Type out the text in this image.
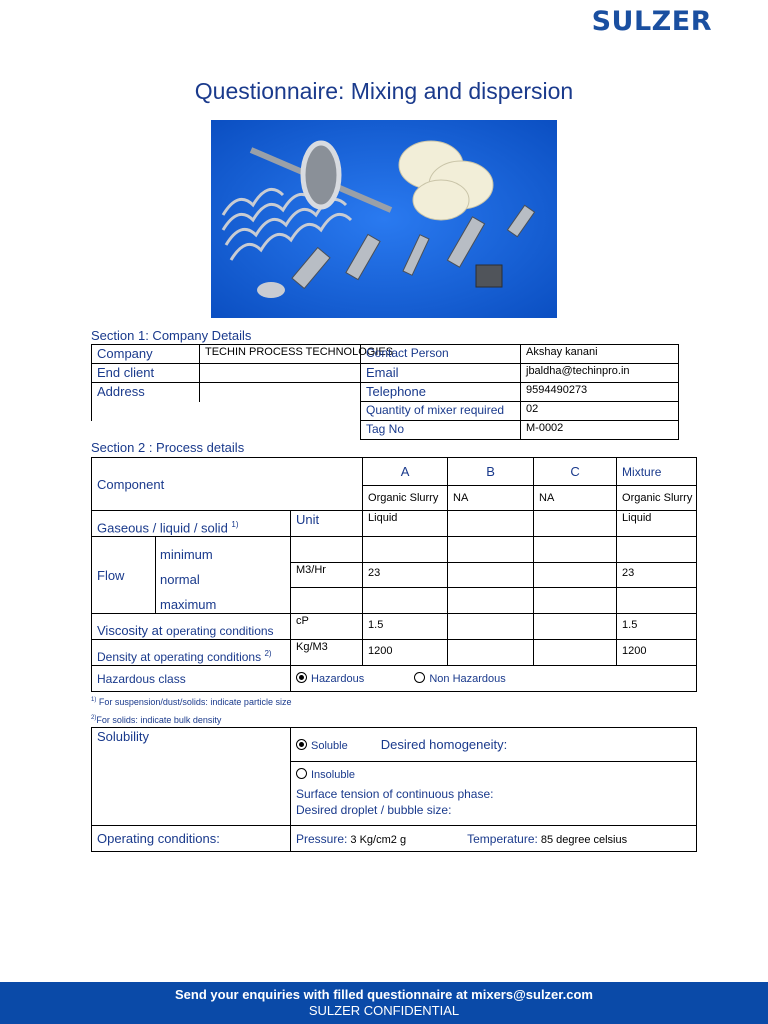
SULZER
Questionnaire: Mixing and dispersion
Section 1: Company Details
Company	TECHIN PROCESS TECHNOLOGIES	Contact Person	Akshay kanani
End client		Email	jbaldha@techinpro.in
Address		Telephone	9594490273
		Quantity of mixer required	02
		Tag No	M-0002
Section 2 : Process details
Component			A	B	C	Mixture
			Organic Slurry	NA	NA	Organic Slurry
Gaseous / liquid / solid $^{1)}$		Unit	Liquid			Liquid
Flow	minimum					
	normal	M3/Hr	23			23
	maximum					
Viscosity at operating conditions		cP	1.5			1.5
Density at operating conditions $^{2)}$		Kg/M3	1200			1200
Hazardous class		Hazardous Non Hazardous				
$^{1)}$ For suspension/dust/solids: indicate particle size
$^{2)}$For solids: indicate bulk density
Solubility	Soluble Desired homogeneity:

	Insoluble
Surface tension of continuous phase:
Desired droplet / bubble size:

Operating conditions:	Pressure: 3 Kg/cm2 g Temperature: 85 degree celsius
Send your enquiries with filled questionnaire at mixers@sulzer.com
SULZER CONFIDENTIAL
